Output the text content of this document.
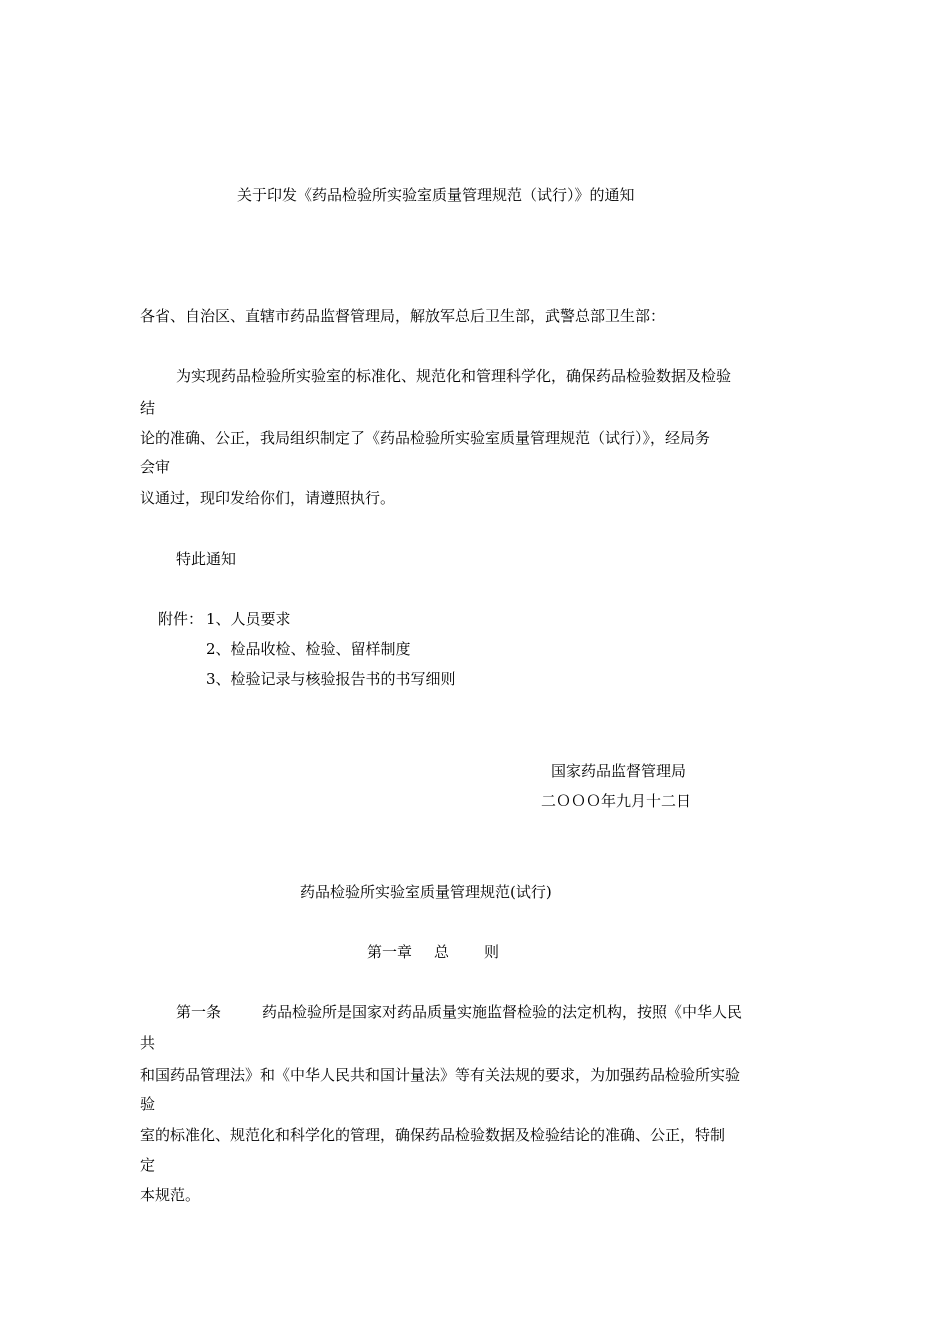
关于印发《药品检验所实验室质量管理规范（试行）》的通知
各省、自治区、直辖市药品监督管理局，解放军总后卫生部，武警总部卫生部：
为实现药品检验所实验室的标准化、规范化和管理科学化，确保药品检验数据及检验
结
论的准确、公正，我局组织制定了《药品检验所实验室质量管理规范（试行）》，经局务
会审
议通过，现印发给你们，请遵照执行。
特此通知
附件： 1、人员要求
2、检品收检、检验、留样制度
3、检验记录与核验报告书的书写细则
国家药品监督管理局
二ＯＯＯ年九月十二日
药品检验所实验室质量管理规范(试行)
第一章 总 则
第一条	药品检验所是国家对药品质量实施监督检验的法定机构，按照《中华人民
共
和国药品管理法》和《中华人民共和国计量法》等有关法规的要求，为加强药品检验所实验
验
室的标准化、规范化和科学化的管理，确保药品检验数据及检验结论的准确、公正，特制
定
本规范。
